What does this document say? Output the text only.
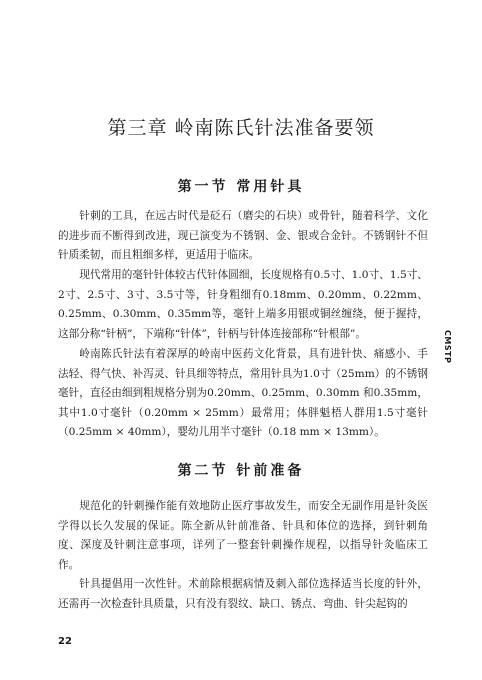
第三章 岭南陈氏针法准备要领
第一节 常用针具

针刺的工具，在远古时代是砭石（磨尖的石块）或骨针，随着科学、文化的进步而不断得到改进，现已演变为不锈钢、金、银或合金针。不锈钢针不但针质柔韧，而且粗细多样，更适用于临床。

现代常用的毫针针体较古代针体圆细，长度规格有0.5寸、1.0寸、1.5寸、2寸、2.5寸、3寸、3.5寸等，针身粗细有0.18mm、0.20mm、0.22mm、0.25mm、0.30mm、0.35mm等，毫针上端多用银或铜丝缠绕，便于握持，这部分称“针柄”，下端称“针体”，针柄与针体连接部称“针根部”。

岭南陈氏针法有着深厚的岭南中医药文化背景，具有进针快、痛感小、手法轻、得气快、补泻灵、针具细等特点，常用针具为1.0寸（25mm）的不锈钢毫针，直径由细到粗规格分别为0.20mm、0.25mm、0.30mm 和0.35mm，其中1.0寸毫针（0.20mm × 25mm）最常用；体胖魁梧人群用1.5寸毫针（0.25mm × 40mm），婴幼儿用半寸毫针（0.18 mm × 13mm）。

CMSTP
第二节 针前准备

规范化的针刺操作能有效地防止医疗事故发生，而安全无副作用是针灸医学得以长久发展的保证。陈全新从针前准备、针具和体位的选择，到针刺角度、深度及针刺注意事项，详列了一整套针刺操作规程，以指导针灸临床工作。

针具提倡用一次性针。术前除根据病情及刺入部位选择适当长度的针外，还需再一次检查针具质量，只有没有裂纹、缺口、锈点、弯曲、针尖起钩的

22
